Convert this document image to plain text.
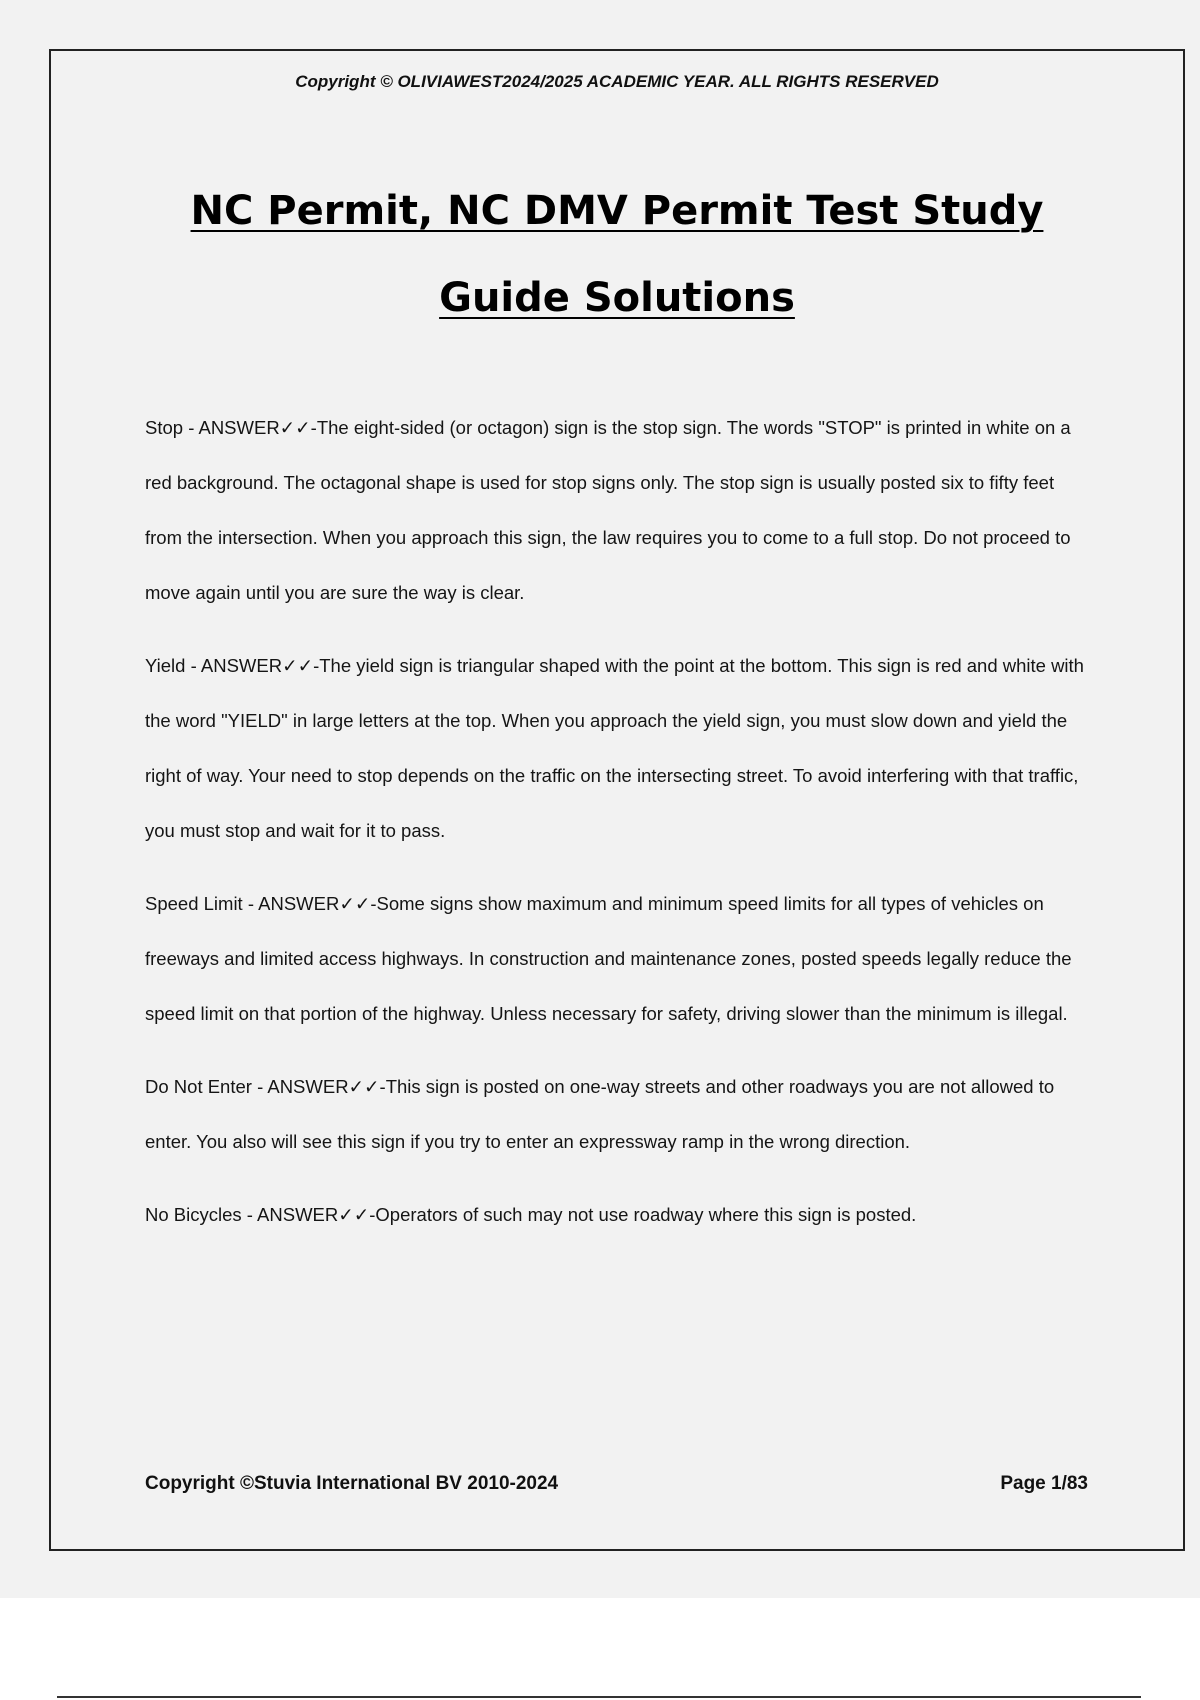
Copyright © OLIVIAWEST2024/2025 ACADEMIC YEAR. ALL RIGHTS RESERVED
NC Permit, NC DMV Permit Test Study
Guide Solutions

Stop - ANSWER✓✓-The eight-sided (or octagon) sign is the stop sign. The words "STOP" is printed in white on a red background. The octagonal shape is used for stop signs only. The stop sign is usually posted six to fifty feet from the intersection. When you approach this sign, the law requires you to come to a full stop. Do not proceed to move again until you are sure the way is clear.

Yield - ANSWER✓✓-The yield sign is triangular shaped with the point at the bottom. This sign is red and white with the word "YIELD" in large letters at the top. When you approach the yield sign, you must slow down and yield the right of way. Your need to stop depends on the traffic on the intersecting street. To avoid interfering with that traffic, you must stop and wait for it to pass.

Speed Limit - ANSWER✓✓-Some signs show maximum and minimum speed limits for all types of vehicles on freeways and limited access highways. In construction and maintenance zones, posted speeds legally reduce the speed limit on that portion of the highway. Unless necessary for safety, driving slower than the minimum is illegal.

Do Not Enter - ANSWER✓✓-This sign is posted on one-way streets and other roadways you are not allowed to enter. You also will see this sign if you try to enter an expressway ramp in the wrong direction.

No Bicycles - ANSWER✓✓-Operators of such may not use roadway where this sign is posted.

Copyright ©Stuvia International BV 2010-2024	Page 1/83
